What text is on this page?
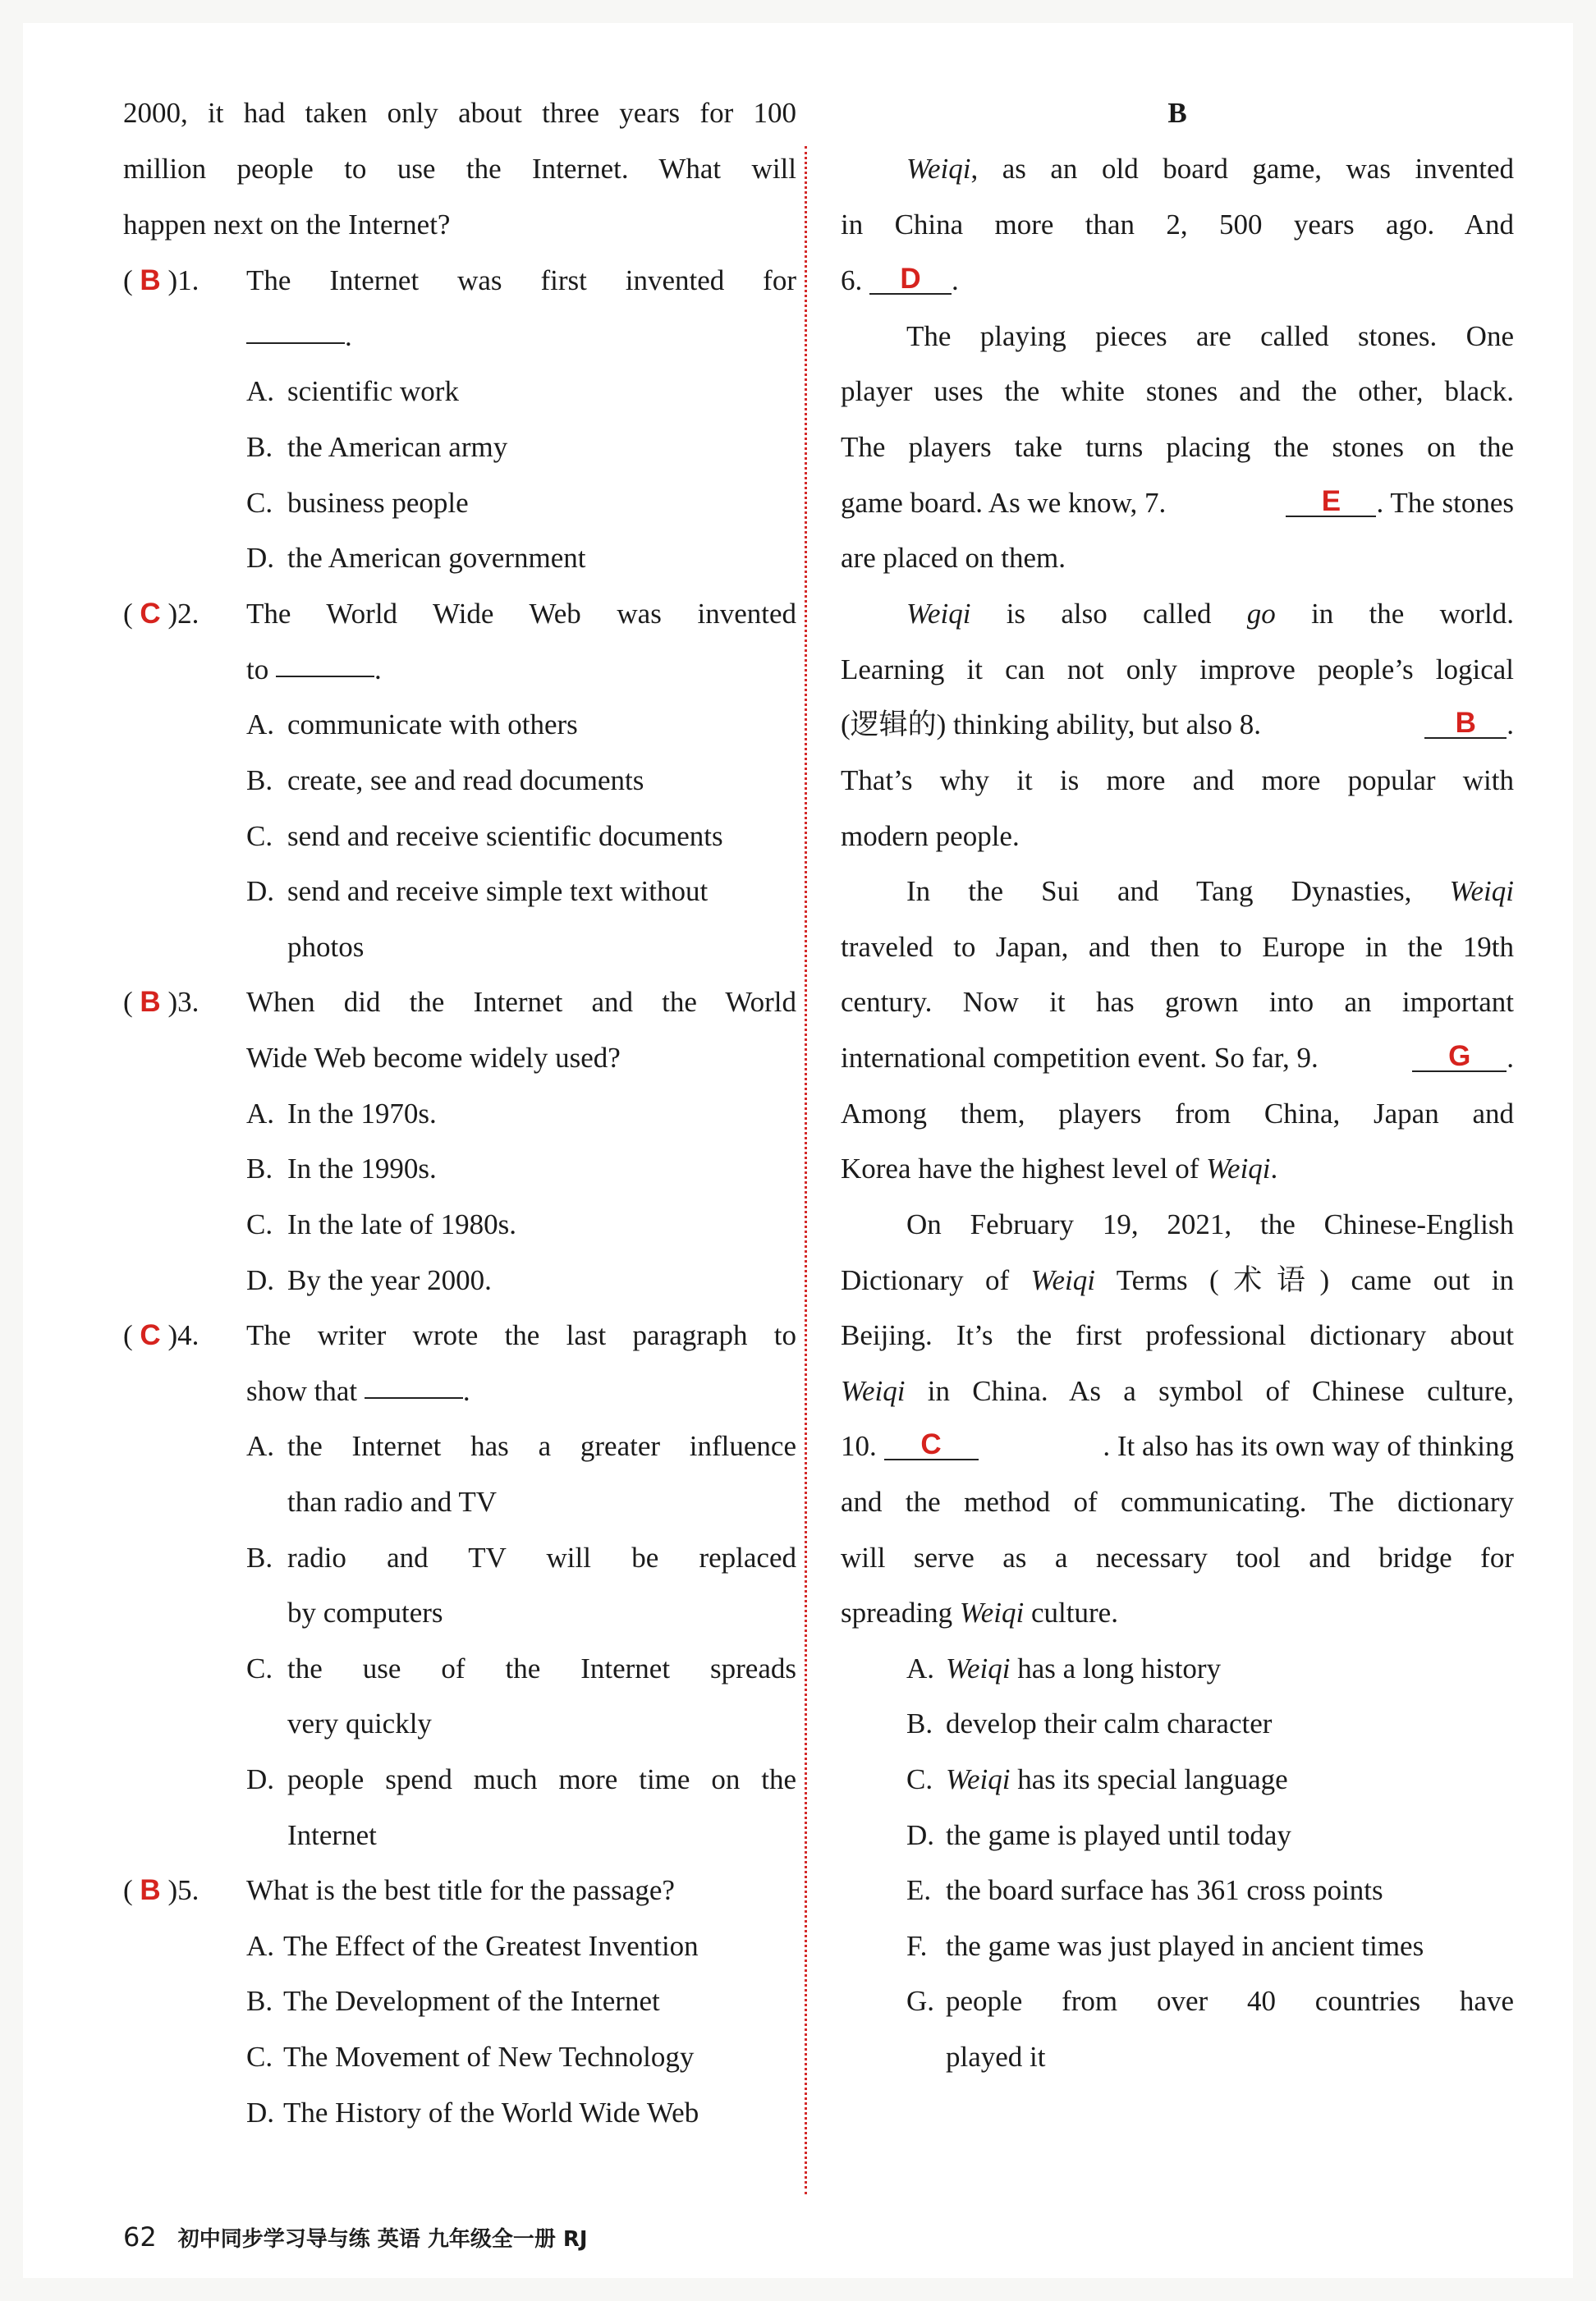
2000, it had taken only about three years for 100
million people to use the Internet. What will
happen next on the Internet?
( B )1. The Internet was first invented for
.
A. scientific work
B. the American army
C. business people
D. the American government
( C )2. The World Wide Web was invented
to	.
A. communicate with others
B. create, see and read documents
C. send and receive scientific documents
D. send and receive simple text without
photos
( B )3. When did the Internet and the World
Wide Web become widely used?
A. In the 1970s.
B. In the 1990s.
C. In the late of 1980s.
D. By the year 2000.
( C )4. The writer wrote the last paragraph to
show that	.
A. the Internet has a greater influence
than radio and TV
B. radio and TV will be replaced
by computers
C. the use of the Internet spreads
very quickly
D. people spend much more time on the
Internet
( B )5. What is the best title for the passage?
A. The Effect of the Greatest Invention
B. The Development of the Internet
C. The Movement of New Technology
D. The History of the World Wide Web
B
Weiqi, as an old board game, was invented
in China more than 2, 500 years ago. And
6. D .
The playing pieces are called stones. One
player uses the white stones and the other, black.
The players take turns placing the stones on the
game board. As we know, 7.	E . The stones
are placed on them.
Weiqi is also called go in the world.
Learning it can not only improve people’s logical
(逻辑的) thinking ability, but also 8.	B .
That’s why it is more and more popular with
modern people.
In the Sui and Tang Dynasties, Weiqi
traveled to Japan, and then to Europe in the 19th
century. Now it has grown into an important
international competition event. So far, 9.	G .
Among them, players from China, Japan and
Korea have the highest level of Weiqi.
On February 19, 2021, the Chinese-English
Dictionary of Weiqi Terms (术语) came out in
Beijing. It’s the first professional dictionary about
Weiqi in China. As a symbol of Chinese culture,
10. C	. It also has its own way of thinking
and the method of communicating. The dictionary
will serve as a necessary tool and bridge for
spreading Weiqi culture.
A. Weiqi has a long history
B. develop their calm character
C. Weiqi has its special language
D. the game is played until today
E. the board surface has 361 cross points
F. the game was just played in ancient times
G. people from over 40 countries have
played it
62 初中同步学习导与练 英语 九年级全一册 RJ
